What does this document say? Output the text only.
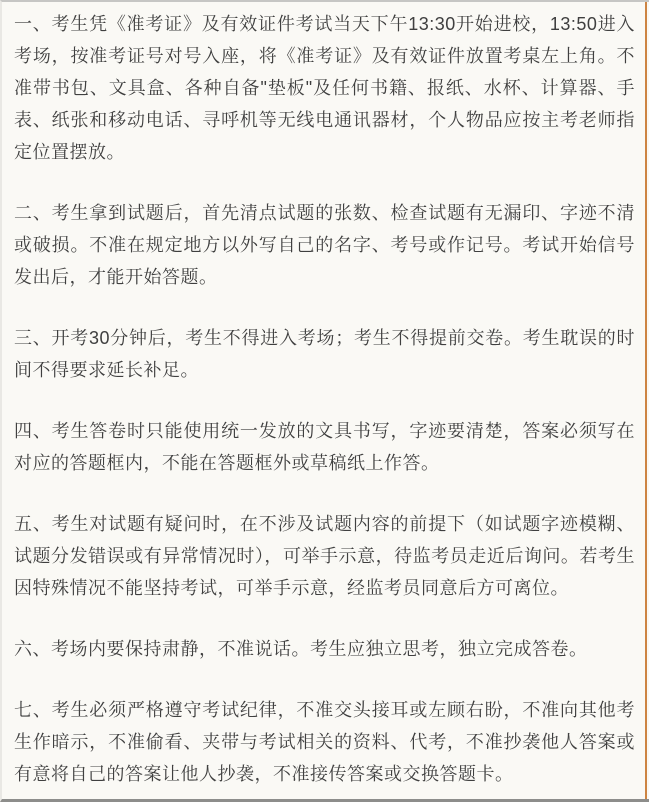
一、考生凭《准考证》及有效证件考试当天下午13:30开始进校，13:50进入考场，按准考证号对号入座，将《准考证》及有效证件放置考桌左上角。不准带书包、文具盒、各种自备"垫板"及任何书籍、报纸、水杯、计算器、手表、纸张和移动电话、寻呼机等无线电通讯器材，个人物品应按主考老师指定位置摆放。

二、考生拿到试题后，首先清点试题的张数、检查试题有无漏印、字迹不清或破损。不准在规定地方以外写自己的名字、考号或作记号。考试开始信号发出后，才能开始答题。

三、开考30分钟后，考生不得进入考场；考生不得提前交卷。考生耽误的时间不得要求延长补足。

四、考生答卷时只能使用统一发放的文具书写，字迹要清楚，答案必须写在对应的答题框内，不能在答题框外或草稿纸上作答。

五、考生对试题有疑问时，在不涉及试题内容的前提下（如试题字迹模糊、试题分发错误或有异常情况时），可举手示意，待监考员走近后询问。若考生因特殊情况不能坚持考试，可举手示意，经监考员同意后方可离位。

六、考场内要保持肃静，不准说话。考生应独立思考，独立完成答卷。

七、考生必须严格遵守考试纪律，不准交头接耳或左顾右盼，不准向其他考生作暗示，不准偷看、夹带与考试相关的资料、代考，不准抄袭他人答案或有意将自己的答案让他人抄袭，不准接传答案或交换答题卡。
